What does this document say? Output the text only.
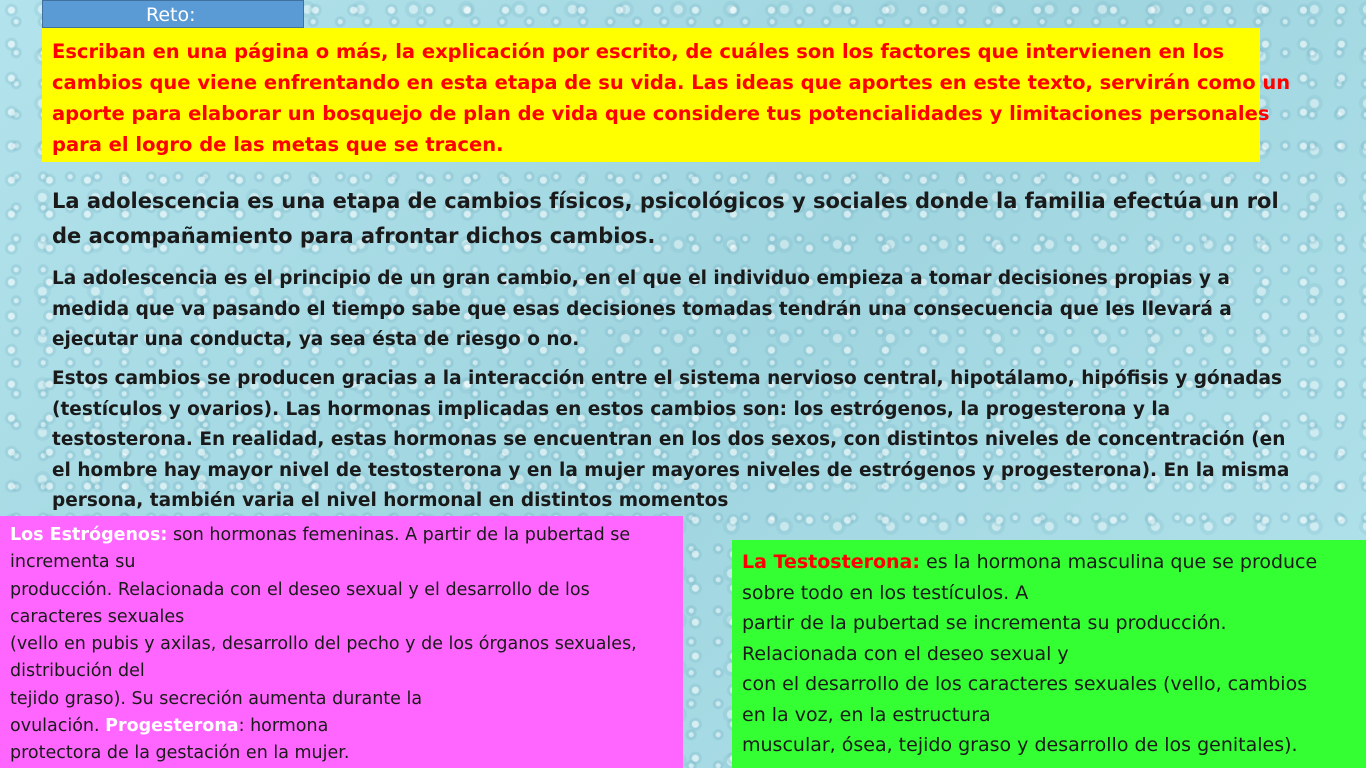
Reto:
Escriban en una página o más, la explicación por escrito, de cuáles son los factores que intervienen en los
cambios que viene enfrentando en esta etapa de su vida. Las ideas que aportes en este texto, servirán como un
aporte para elaborar un bosquejo de plan de vida que considere tus potencialidades y limitaciones personales
para el logro de las metas que se tracen.
La adolescencia es una etapa de cambios físicos, psicológicos y sociales donde la familia efectúa un rol
de acompañamiento para afrontar dichos cambios.
La adolescencia es el principio de un gran cambio, en el que el individuo empieza a tomar decisiones propias y a
medida que va pasando el tiempo sabe que esas decisiones tomadas tendrán una consecuencia que les llevará a
ejecutar una conducta, ya sea ésta de riesgo o no.
Estos cambios se producen gracias a la interacción entre el sistema nervioso central, hipotálamo, hipófisis y gónadas
(testículos y ovarios). Las hormonas implicadas en estos cambios son: los estrógenos, la progesterona y la
testosterona. En realidad, estas hormonas se encuentran en los dos sexos, con distintos niveles de concentración (en
el hombre hay mayor nivel de testosterona y en la mujer mayores niveles de estrógenos y progesterona). En la misma
persona, también varia el nivel hormonal en distintos momentos
Los Estrógenos: son hormonas femeninas. A partir de la pubertad se
incrementa su
producción. Relacionada con el deseo sexual y el desarrollo de los
caracteres sexuales
(vello en pubis y axilas, desarrollo del pecho y de los órganos sexuales,
distribución del
tejido graso). Su secreción aumenta durante la
ovulación. Progesterona: hormona
protectora de la gestación en la mujer.
La Testosterona: es la hormona masculina que se produce
sobre todo en los testículos. A
partir de la pubertad se incrementa su producción.
Relacionada con el deseo sexual y
con el desarrollo de los caracteres sexuales (vello, cambios
en la voz, en la estructura
muscular, ósea, tejido graso y desarrollo de los genitales).
